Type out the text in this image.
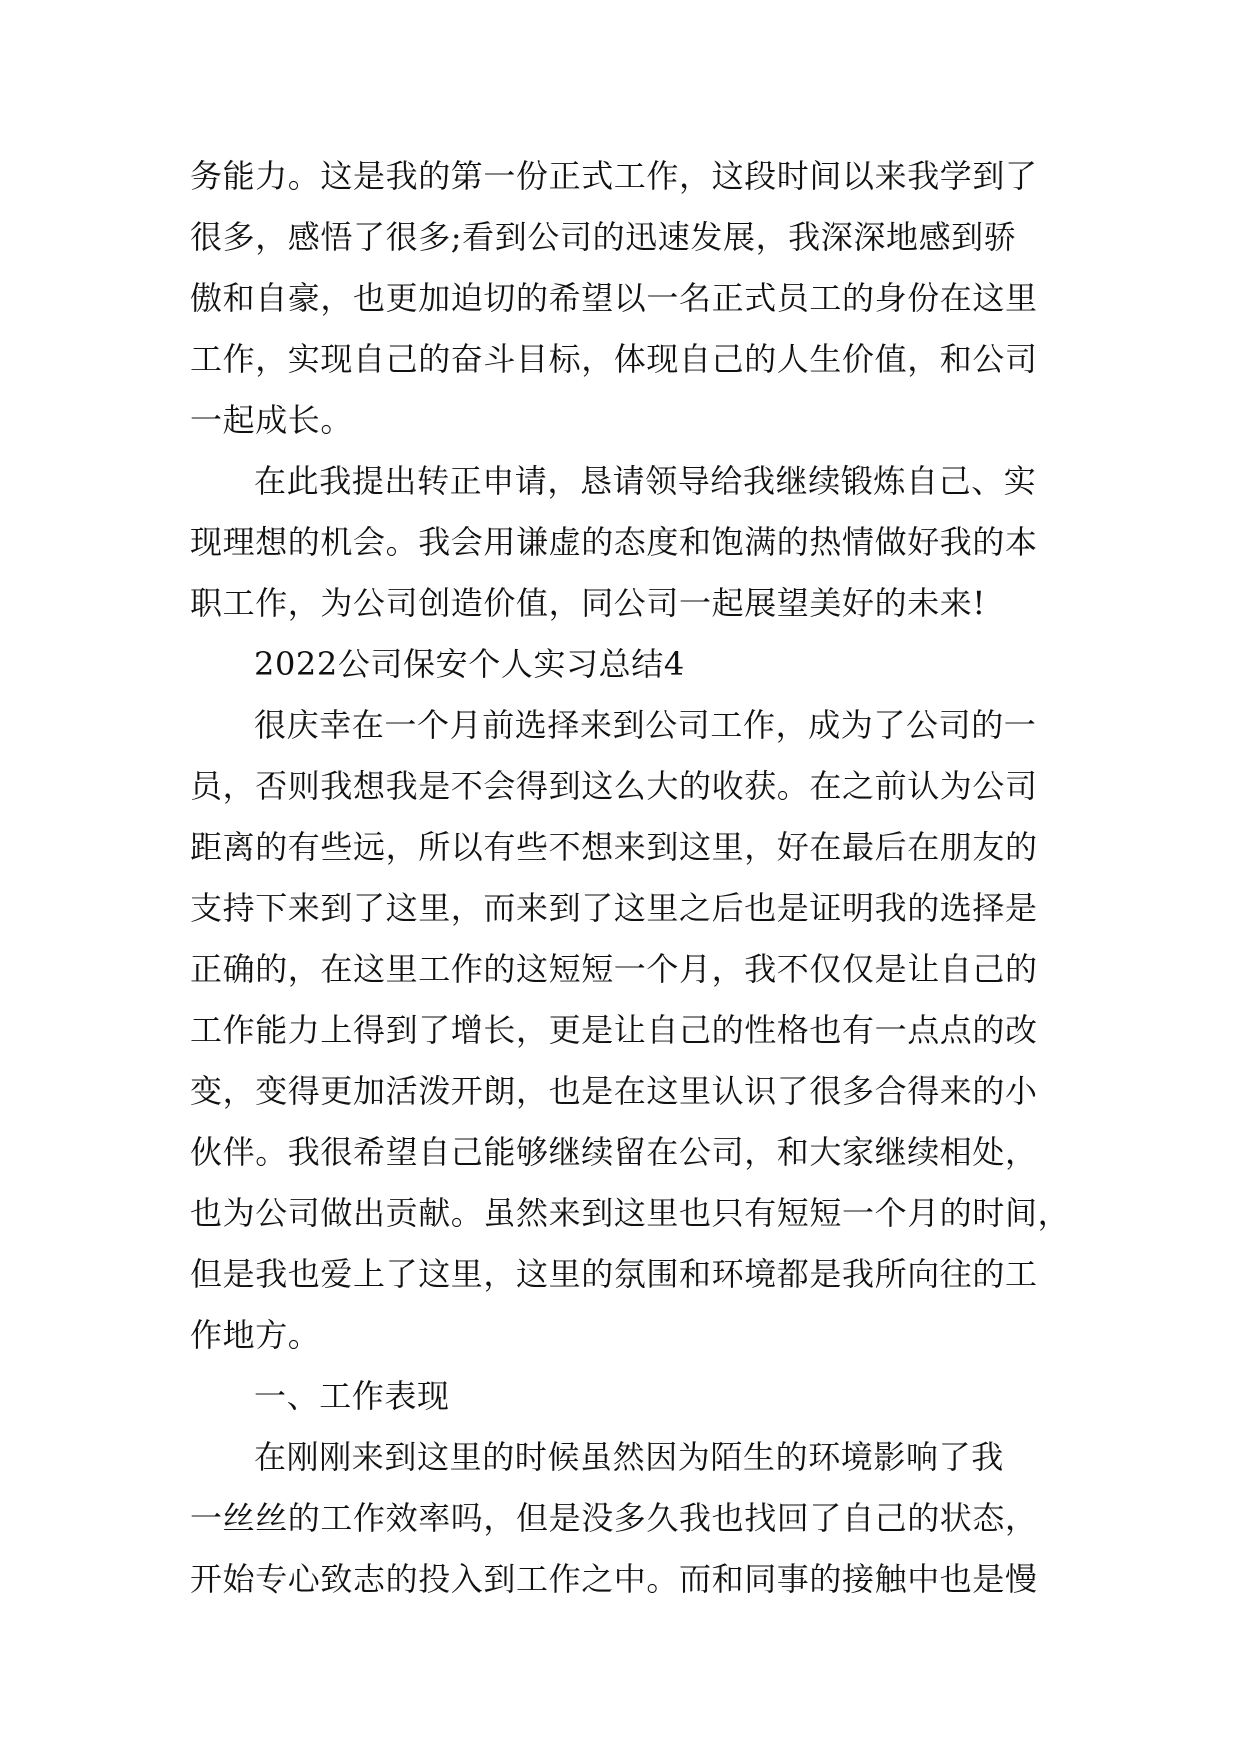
务能力。这是我的第一份正式工作，这段时间以来我学到了
很多，感悟了很多;看到公司的迅速发展，我深深地感到骄
傲和自豪，也更加迫切的希望以一名正式员工的身份在这里
工作，实现自己的奋斗目标，体现自己的人生价值，和公司
一起成长。
在此我提出转正申请，恳请领导给我继续锻炼自己、实
现理想的机会。我会用谦虚的态度和饱满的热情做好我的本
职工作，为公司创造价值，同公司一起展望美好的未来!
2022公司保安个人实习总结4
很庆幸在一个月前选择来到公司工作，成为了公司的一
员，否则我想我是不会得到这么大的收获。在之前认为公司
距离的有些远，所以有些不想来到这里，好在最后在朋友的
支持下来到了这里，而来到了这里之后也是证明我的选择是
正确的，在这里工作的这短短一个月，我不仅仅是让自己的
工作能力上得到了增长，更是让自己的性格也有一点点的改
变，变得更加活泼开朗，也是在这里认识了很多合得来的小
伙伴。我很希望自己能够继续留在公司，和大家继续相处，
也为公司做出贡献。虽然来到这里也只有短短一个月的时间，
但是我也爱上了这里，这里的氛围和环境都是我所向往的工
作地方。
一、工作表现
在刚刚来到这里的时候虽然因为陌生的环境影响了我
一丝丝的工作效率吗，但是没多久我也找回了自己的状态，
开始专心致志的投入到工作之中。而和同事的接触中也是慢
